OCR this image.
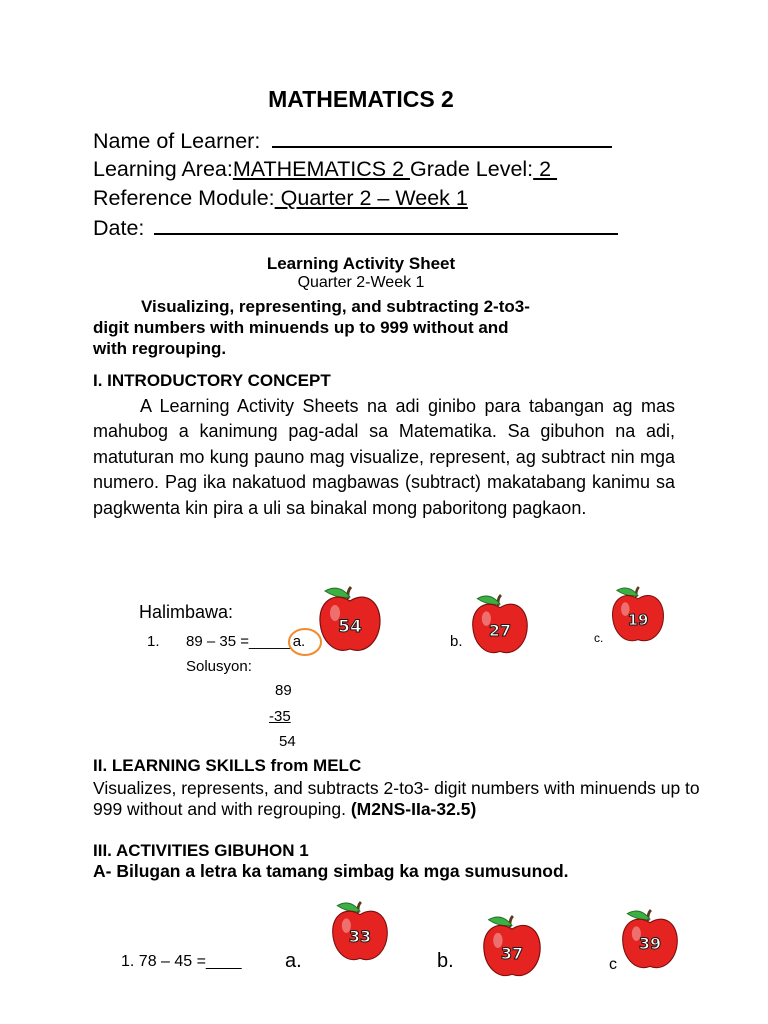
MATHEMATICS 2
Name of Learner:
Learning Area:MATHEMATICS 2 Grade Level: 2
Reference Module: Quarter 2 – Week 1
Date:
Learning Activity Sheet
Quarter 2-Week 1

Visualizing, representing, and subtracting 2-to3-

digit numbers with minuends up to 999 without and

with regrouping.

I. INTRODUCTORY CONCEPT
A Learning Activity Sheets na adi ginibo para tabangan ag mas mahubog a kanimung pag-adal sa Matematika. Sa gibuhon na adi, matuturan mo kung pauno mag visualize, represent, ag subtract nin mga numero. Pag ika nakatuod magbawas (subtract) makatabang kanimu sa pagkwenta kin pira a uli sa binakal mong paboritong pagkaon.
Halimbawa:
1. 89 – 35 =_____ a.	b.	c.
Solusyon:
89
-35
54
54	27
19
II. LEARNING SKILLS from MELC
Visualizes, represents, and subtracts 2-to3- digit numbers with minuends up to 999 without and with regrouping. (M2NS-IIa-32.5)
III. ACTIVITIES GIBUHON 1
A- Bilugan a letra ka tamang simbag ka mga sumusunod.
1. 78 – 45 =____ a.	b.	c
33
37
39
